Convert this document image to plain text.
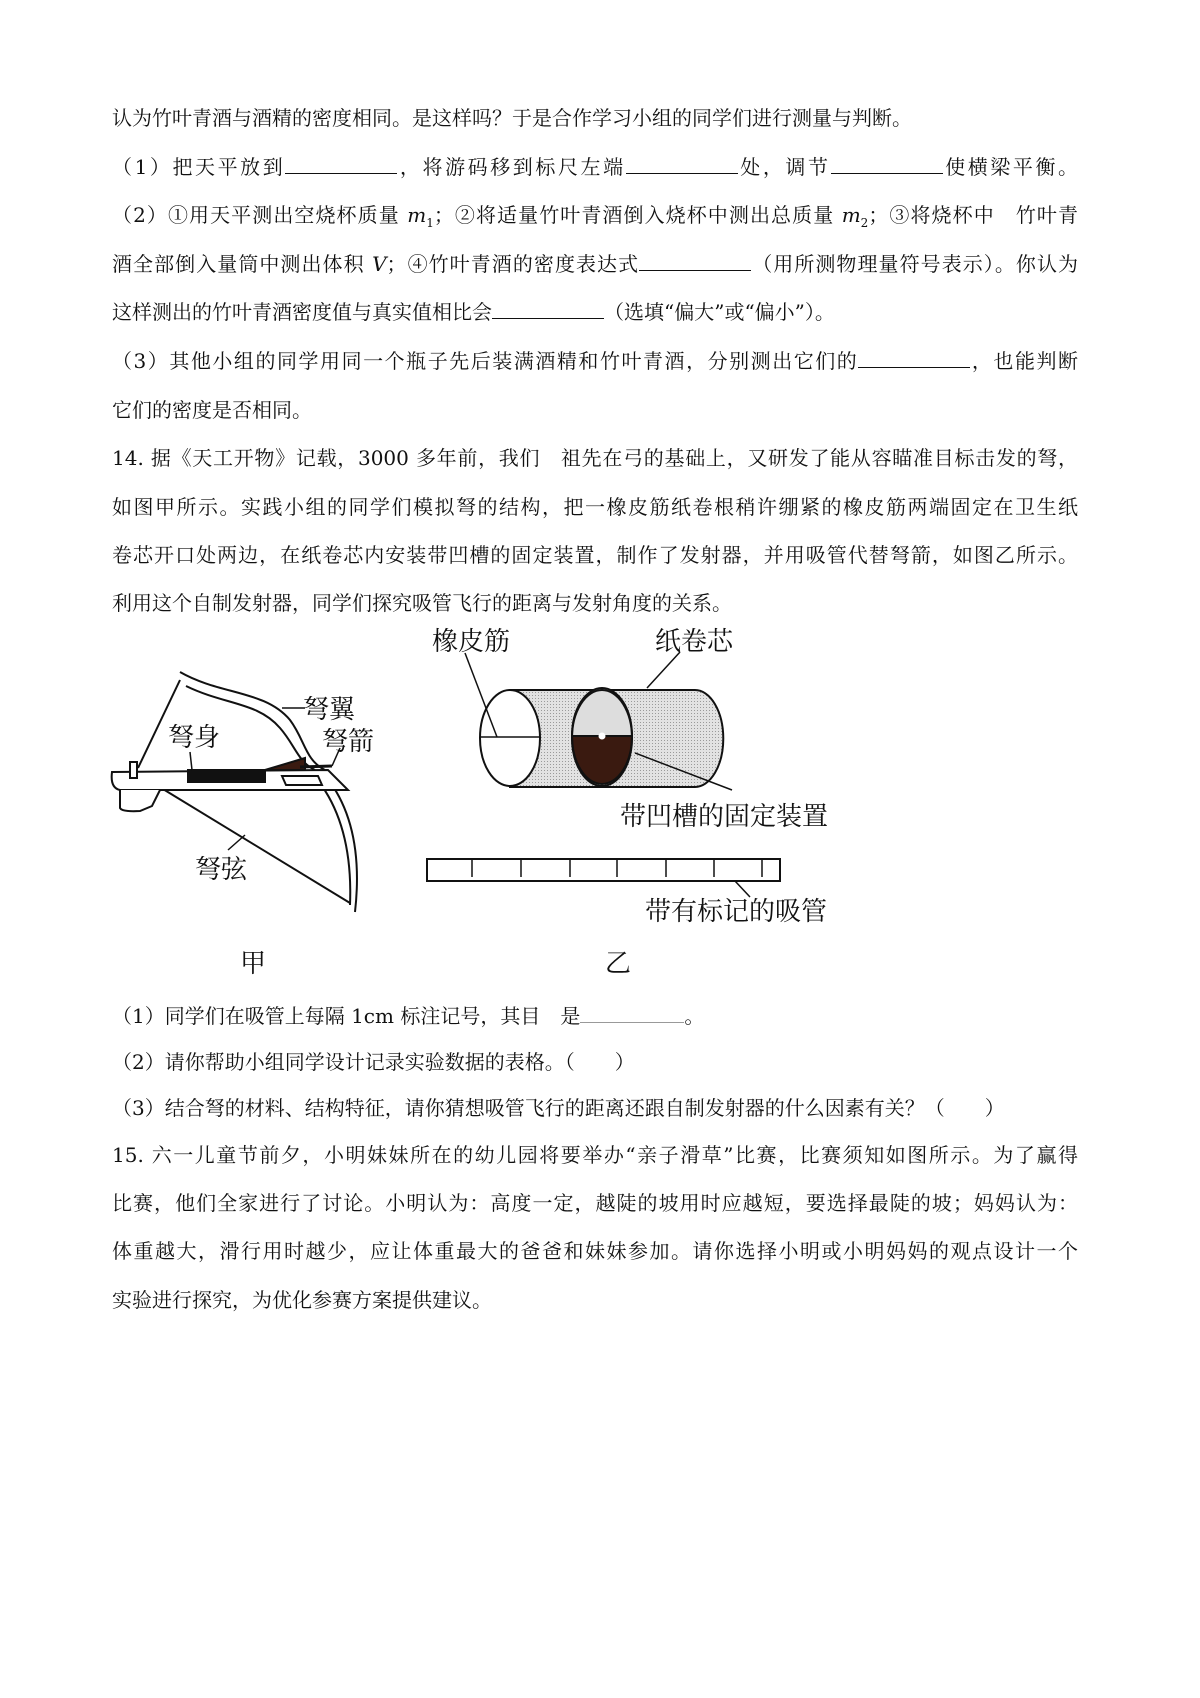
认为竹叶青酒与酒精的密度相同。是这样吗？于是合作学习小组的同学们进行测量与判断。
（1）把天平放到	，将游码移到标尺左端	处，调节	使横梁平衡。
（2）①用天平测出空烧杯质量 $m_1$；②将适量竹叶青酒倒入烧杯中测出总质量 $m_2$；③将烧杯中　竹叶青
酒全部倒入量筒中测出体积 V；④竹叶青酒的密度表达式	（用所测物理量符号表示）。你认为
这样测出的竹叶青酒密度值与真实值相比会	（选填“偏大”或“偏小”）。
（3）其他小组的同学用同一个瓶子先后装满酒精和竹叶青酒，分别测出它们的	，也能判断
它们的密度是否相同。
14. 据《天工开物》记载，3000 多年前，我们　祖先在弓的基础上，又研发了能从容瞄准目标击发的弩，
如图甲所示。实践小组的同学们模拟弩的结构，把一橡皮筋纸卷根稍许绷紧的橡皮筋两端固定在卫生纸
卷芯开口处两边，在纸卷芯内安装带凹槽的固定装置，制作了发射器，并用吸管代替弩箭，如图乙所示。
利用这个自制发射器，同学们探究吸管飞行的距离与发射角度的关系。
弩翼
弩身	弩箭
弩弦
甲
橡皮筋	纸卷芯
带凹槽的固定装置
带有标记的吸管
乙
（1）同学们在吸管上每隔 1cm 标注记号，其目　是	。
（2）请你帮助小组同学设计记录实验数据的表格。（　　）
（3）结合弩的材料、结构特征，请你猜想吸管飞行的距离还跟自制发射器的什么因素有关？（　　）
15. 六一儿童节前夕，小明妹妹所在的幼儿园将要举办“亲子滑草”比赛，比赛须知如图所示。为了赢得
比赛，他们全家进行了讨论。小明认为：高度一定，越陡的坡用时应越短，要选择最陡的坡；妈妈认为：
体重越大，滑行用时越少，应让体重最大的爸爸和妹妹参加。请你选择小明或小明妈妈的观点设计一个
实验进行探究，为优化参赛方案提供建议。
